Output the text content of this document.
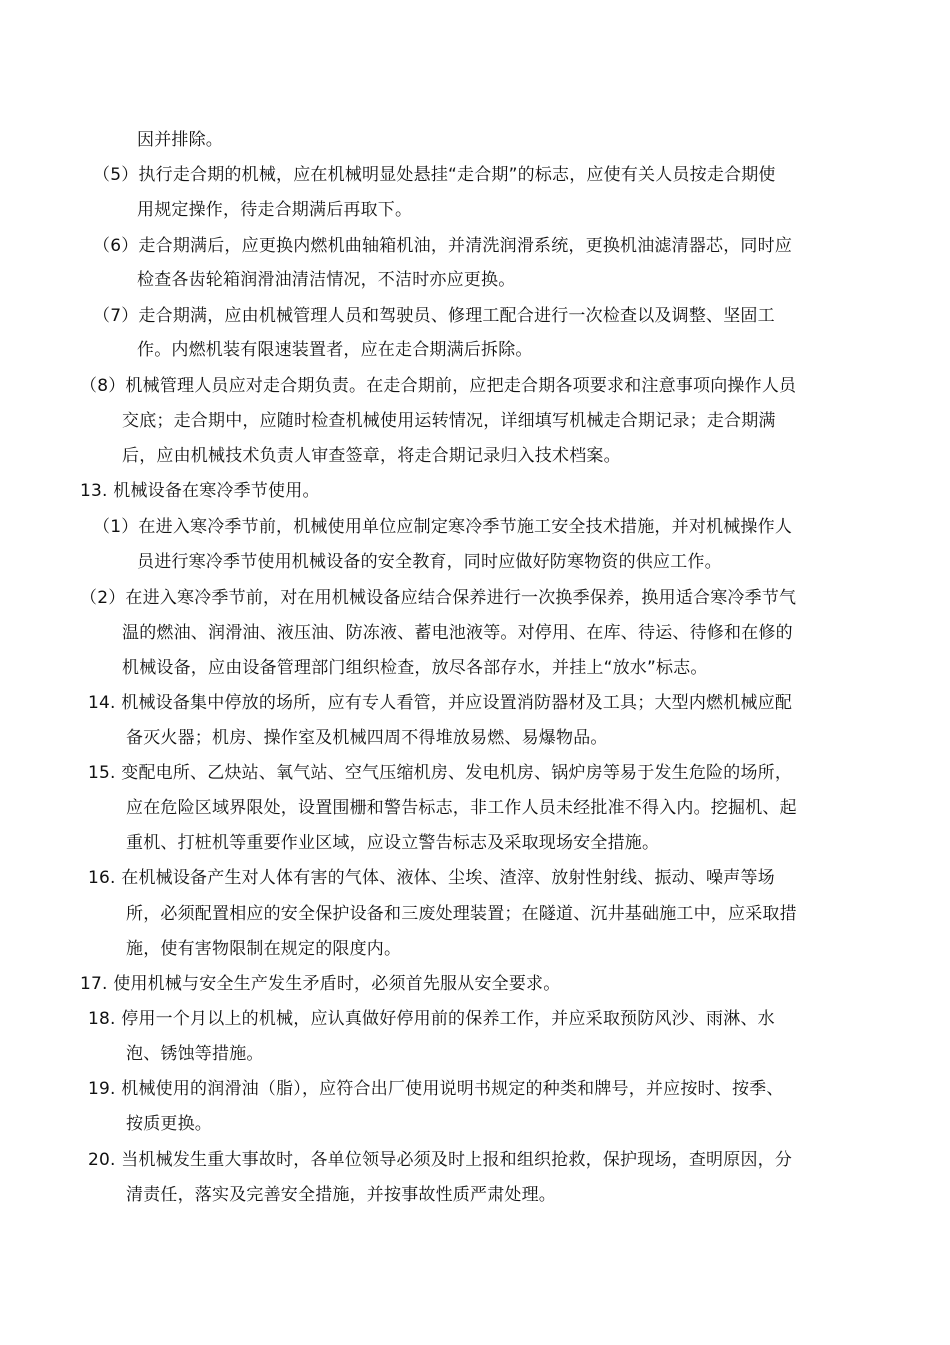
因并排除。
（5）执行走合期的机械，应在机械明显处悬挂“走合期”的标志，应使有关人员按走合期使
用规定操作，待走合期满后再取下。
（6）走合期满后，应更换内燃机曲轴箱机油，并清洗润滑系统，更换机油滤清器芯，同时应
检查各齿轮箱润滑油清洁情况，不洁时亦应更换。
（7）走合期满，应由机械管理人员和驾驶员、修理工配合进行一次检查以及调整、坚固工
作。内燃机装有限速装置者，应在走合期满后拆除。
（8）机械管理人员应对走合期负责。在走合期前，应把走合期各项要求和注意事项向操作人员
交底；走合期中，应随时检查机械使用运转情况，详细填写机械走合期记录；走合期满
后，应由机械技术负责人审查签章，将走合期记录归入技术档案。
13. 机械设备在寒冷季节使用。
（1）在进入寒冷季节前，机械使用单位应制定寒冷季节施工安全技术措施，并对机械操作人
员进行寒冷季节使用机械设备的安全教育，同时应做好防寒物资的供应工作。
（2）在进入寒冷季节前，对在用机械设备应结合保养进行一次换季保养，换用适合寒冷季节气
温的燃油、润滑油、液压油、防冻液、蓄电池液等。对停用、在库、待运、待修和在修的
机械设备，应由设备管理部门组织检查，放尽各部存水，并挂上“放水”标志。
14. 机械设备集中停放的场所，应有专人看管，并应设置消防器材及工具；大型内燃机械应配
备灭火器；机房、操作室及机械四周不得堆放易燃、易爆物品。
15. 变配电所、乙炔站、氧气站、空气压缩机房、发电机房、锅炉房等易于发生危险的场所，
应在危险区域界限处，设置围栅和警告标志，非工作人员未经批准不得入内。挖掘机、起
重机、打桩机等重要作业区域，应设立警告标志及采取现场安全措施。
16. 在机械设备产生对人体有害的气体、液体、尘埃、渣滓、放射性射线、振动、噪声等场
所，必须配置相应的安全保护设备和三废处理装置；在隧道、沉井基础施工中，应采取措
施，使有害物限制在规定的限度内。
17. 使用机械与安全生产发生矛盾时，必须首先服从安全要求。
18. 停用一个月以上的机械，应认真做好停用前的保养工作，并应采取预防风沙、雨淋、水
泡、锈蚀等措施。
19. 机械使用的润滑油（脂），应符合出厂使用说明书规定的种类和牌号，并应按时、按季、
按质更换。
20. 当机械发生重大事故时，各单位领导必须及时上报和组织抢救，保护现场，查明原因，分
清责任，落实及完善安全措施，并按事故性质严肃处理。
